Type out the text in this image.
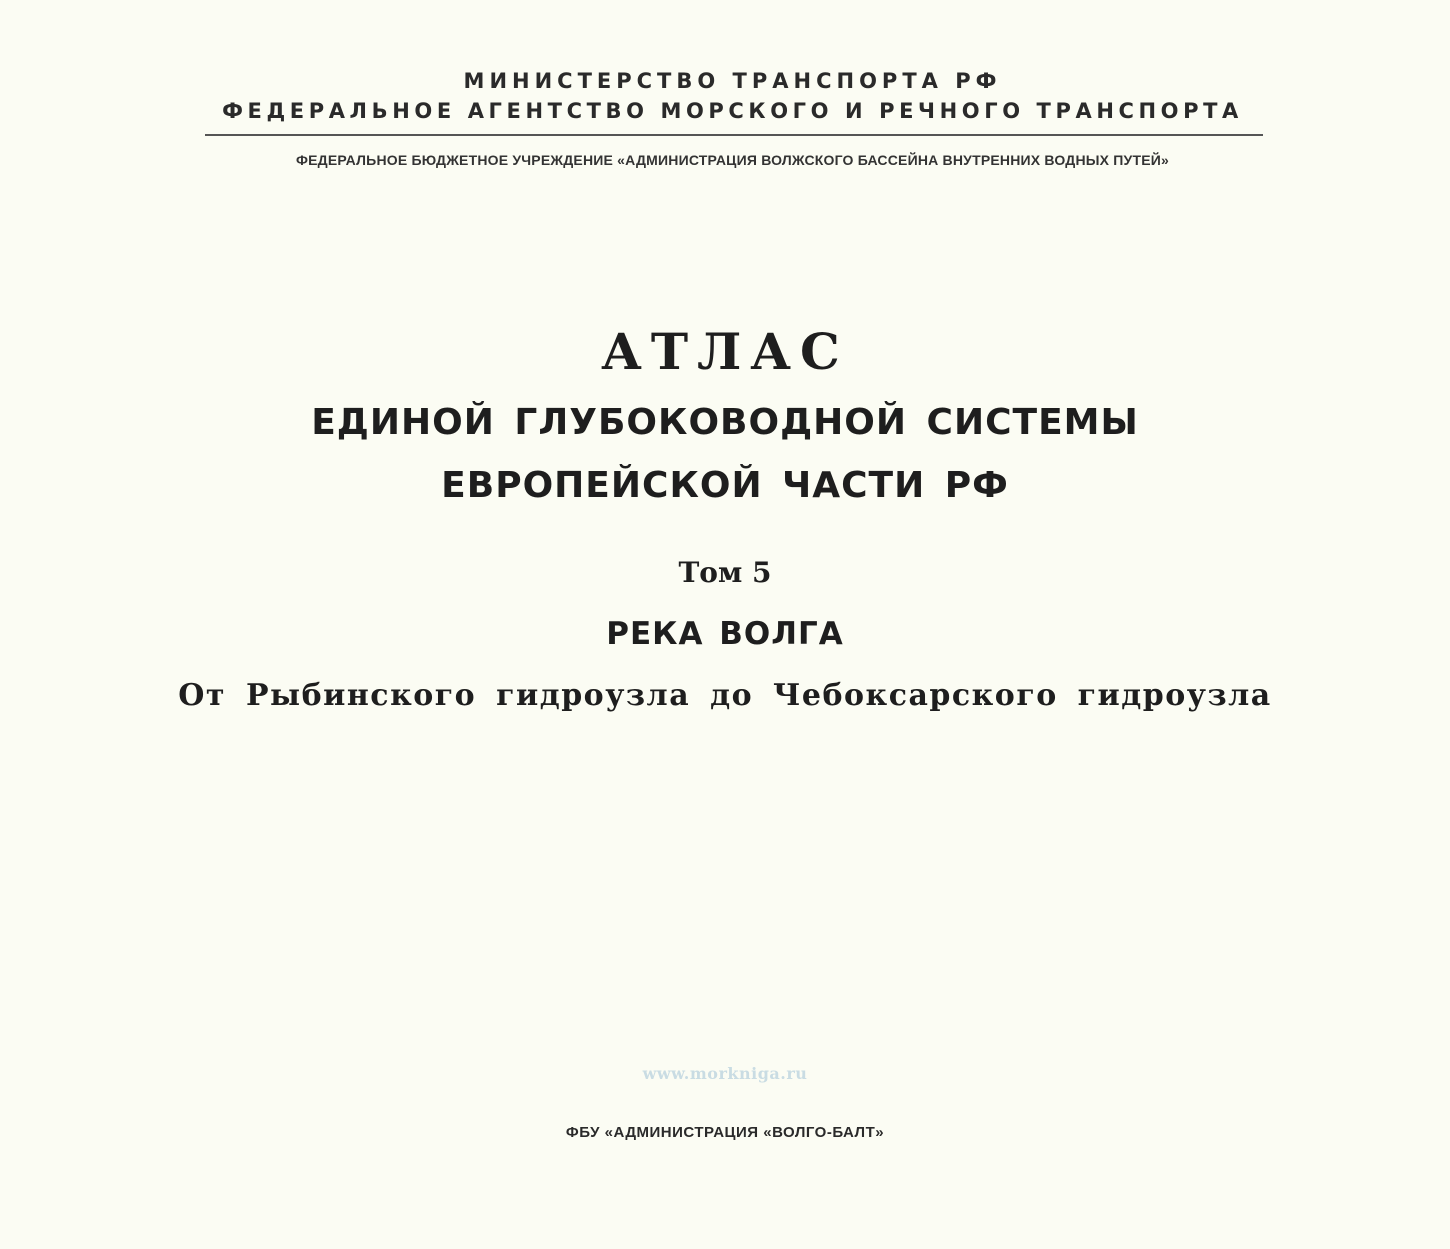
МИНИСТЕРСТВО ТРАНСПОРТА РФ
ФЕДЕРАЛЬНОЕ АГЕНТСТВО МОРСКОГО И РЕЧНОГО ТРАНСПОРТА
ФЕДЕРАЛЬНОЕ БЮДЖЕТНОЕ УЧРЕЖДЕНИЕ «АДМИНИСТРАЦИЯ ВОЛЖСКОГО БАССЕЙНА ВНУТРЕННИХ ВОДНЫХ ПУТЕЙ»
АТЛАС
ЕДИНОЙ ГЛУБОКОВОДНОЙ СИСТЕМЫ
ЕВРОПЕЙСКОЙ ЧАСТИ РФ
Том 5
РЕКА ВОЛГА
От Рыбинского гидроузла до Чебоксарского гидроузла
www.morkniga.ru
ФБУ «АДМИНИСТРАЦИЯ «ВОЛГО-БАЛТ»
